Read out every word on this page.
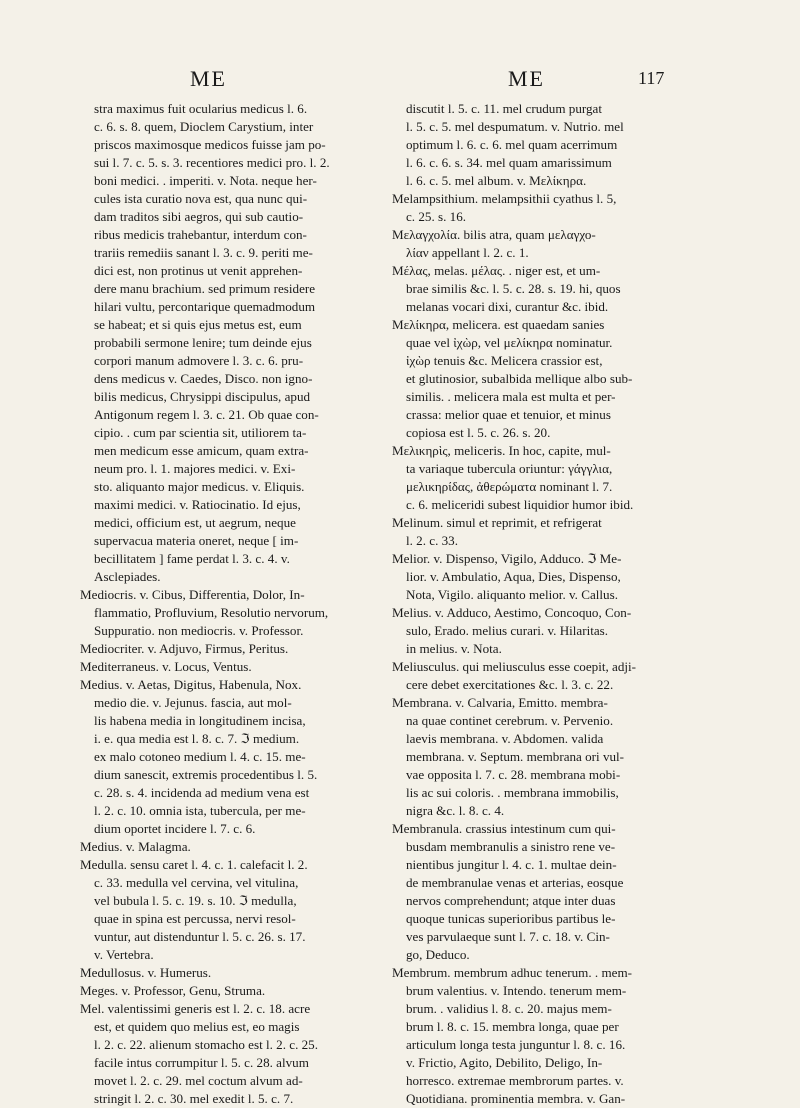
ME	ME	117
stra maximus fuit ocularius medicus l. 6.
c. 6. s. 8. quem, Dioclem Carystium, inter
priscos maximosque medicos fuisse jam po-
sui l. 7. c. 5. s. 3. recentiores medici pro. l. 2.
boni medici. . imperiti. v. Nota. neque her-
cules ista curatio nova est, qua nunc qui-
dam traditos sibi aegros, qui sub cautio-
ribus medicis trahebantur, interdum con-
trariis remediis sanant l. 3. c. 9. periti me-
dici est, non protinus ut venit apprehen-
dere manu brachium. sed primum residere
hilari vultu, percontarique quemadmodum
se habeat; et si quis ejus metus est, eum
probabili sermone lenire; tum deinde ejus
corpori manum admovere l. 3. c. 6. pru-
dens medicus v. Caedes, Disco. non igno-
bilis medicus, Chrysippi discipulus, apud
Antigonum regem l. 3. c. 21. Ob quae con-
cipio. . cum par scientia sit, utiliorem ta-
men medicum esse amicum, quam extra-
neum pro. l. 1. majores medici. v. Exi-
sto. aliquanto major medicus. v. Eliquis.
maximi medici. v. Ratiocinatio. Id ejus,
medici, officium est, ut aegrum, neque
supervacua materia oneret, neque [ im-
becillitatem ] fame perdat l. 3. c. 4. v.
Asclepiades.
Mediocris. v. Cibus, Differentia, Dolor, In-
flammatio, Profluvium, Resolutio nervorum,
Suppuratio. non mediocris. v. Professor.
Mediocriter. v. Adjuvo, Firmus, Peritus.
Mediterraneus. v. Locus, Ventus.
Medius. v. Aetas, Digitus, Habenula, Nox.
medio die. v. Jejunus. fascia, aut mol-
lis habena media in longitudinem incisa,
i. e. qua media est l. 8. c. 7. ℑ medium.
ex malo cotoneo medium l. 4. c. 15. me-
dium sanescit, extremis procedentibus l. 5.
c. 28. s. 4. incidenda ad medium vena est
l. 2. c. 10. omnia ista, tubercula, per me-
dium oportet incidere l. 7. c. 6.
Medius. v. Malagma.
Medulla. sensu caret l. 4. c. 1. calefacit l. 2.
c. 33. medulla vel cervina, vel vitulina,
vel bubula l. 5. c. 19. s. 10. ℑ medulla,
quae in spina est percussa, nervi resol-
vuntur, aut distenduntur l. 5. c. 26. s. 17.
v. Vertebra.
Medullosus. v. Humerus.
Meges. v. Professor, Genu, Struma.
Mel. valentissimi generis est l. 2. c. 18. acre
est, et quidem quo melius est, eo magis
l. 2. c. 22. alienum stomacho est l. 2. c. 25.
facile intus corrumpitur l. 5. c. 28. alvum
movet l. 2. c. 29. mel coctum alvum ad-
stringit l. 2. c. 30. mel exedit l. 5. c. 7.
discutit l. 5. c. 11. mel crudum purgat
l. 5. c. 5. mel despumatum. v. Nutrio. mel
optimum l. 6. c. 6. mel quam acerrimum
l. 6. c. 6. s. 34. mel quam amarissimum
l. 6. c. 5. mel album. v. Μελίκηρα.
Melampsithium. melampsithii cyathus l. 5,
c. 25. s. 16.
Μελαγχολία. bilis atra, quam μελαγχο-
λίαν appellant l. 2. c. 1.
Μέλας, melas. μέλας. . niger est, et um-
brae similis &c. l. 5. c. 28. s. 19. hi, quos
melanas vocari dixi, curantur &c. ibid.
Μελίκηρα, melicera. est quaedam sanies
quae vel ἰχὼρ, vel μελίκηρα nominatur.
ἰχὼρ tenuis &c. Melicera crassior est,
et glutinosior, subalbida mellique albo sub-
similis. . melicera mala est multa et per-
crassa: melior quae et tenuior, et minus
copiosa est l. 5. c. 26. s. 20.
Μελικηρὶς, meliceris. In hoc, capite, mul-
ta variaque tubercula oriuntur: γάγγλια,
μελικηρίδας, ἀθερώματα nominant l. 7.
c. 6. meliceridi subest liquidior humor ibid.
Melinum. simul et reprimit, et refrigerat
l. 2. c. 33.
Melior. v. Dispenso, Vigilo, Adduco. ℑ Me-
lior. v. Ambulatio, Aqua, Dies, Dispenso,
Nota, Vigilo. aliquanto melior. v. Callus.
Melius. v. Adduco, Aestimo, Concoquo, Con-
sulo, Erado. melius curari. v. Hilaritas.
in melius. v. Nota.
Meliusculus. qui meliusculus esse coepit, adji-
cere debet exercitationes &c. l. 3. c. 22.
Membrana. v. Calvaria, Emitto. membra-
na quae continet cerebrum. v. Pervenio.
laevis membrana. v. Abdomen. valida
membrana. v. Septum. membrana ori vul-
vae opposita l. 7. c. 28. membrana mobi-
lis ac sui coloris. . membrana immobilis,
nigra &c. l. 8. c. 4.
Membranula. crassius intestinum cum qui-
busdam membranulis a sinistro rene ve-
nientibus jungitur l. 4. c. 1. multae dein-
de membranulae venas et arterias, eosque
nervos comprehendunt; atque inter duas
quoque tunicas superioribus partibus le-
ves parvulaeque sunt l. 7. c. 18. v. Cin-
go, Deduco.
Membrum. membrum adhuc tenerum. . mem-
brum valentius. v. Intendo. tenerum mem-
brum. . validius l. 8. c. 20. majus mem-
brum l. 8. c. 15. membra longa, quae per
articulum longa testa junguntur l. 8. c. 16.
v. Frictio, Agito, Debilito, Deligo, In-
horresco. extremae membrorum partes. v.
Quotidiana. prominentia membra. v. Gan-
